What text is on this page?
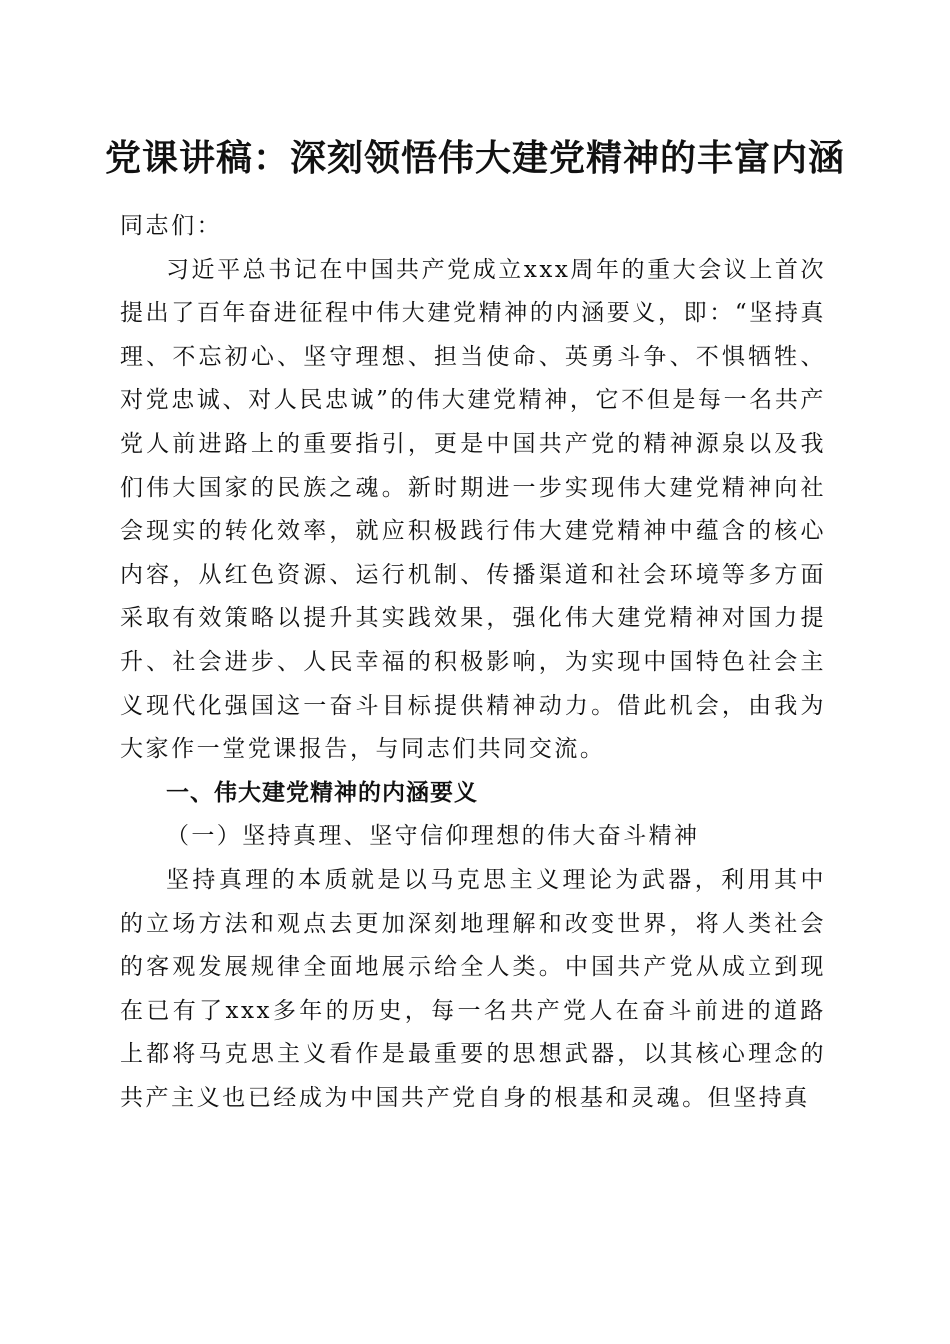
党课讲稿：深刻领悟伟大建党精神的丰富内涵

同志们：

习近平总书记在中国共产党成立xxx周年的重大会议上首次提出了百年奋进征程中伟大建党精神的内涵要义，即：“坚持真理、不忘初心、坚守理想、担当使命、英勇斗争、不惧牺牲、对党忠诚、对人民忠诚”的伟大建党精神，它不但是每一名共产党人前进路上的重要指引，更是中国共产党的精神源泉以及我们伟大国家的民族之魂。新时期进一步实现伟大建党精神向社会现实的转化效率，就应积极践行伟大建党精神中蕴含的核心内容，从红色资源、运行机制、传播渠道和社会环境等多方面采取有效策略以提升其实践效果，强化伟大建党精神对国力提升、社会进步、人民幸福的积极影响，为实现中国特色社会主义现代化强国这一奋斗目标提供精神动力。借此机会，由我为大家作一堂党课报告，与同志们共同交流。

一、伟大建党精神的内涵要义

（一）坚持真理、坚守信仰理想的伟大奋斗精神

坚持真理的本质就是以马克思主义理论为武器，利用其中的立场方法和观点去更加深刻地理解和改变世界，将人类社会的客观发展规律全面地展示给全人类。中国共产党从成立到现在已有了xxx多年的历史，每一名共产党人在奋斗前进的道路上都将马克思主义看作是最重要的思想武器，以其核心理念的共产主义也已经成为中国共产党自身的根基和灵魂。但坚持真
